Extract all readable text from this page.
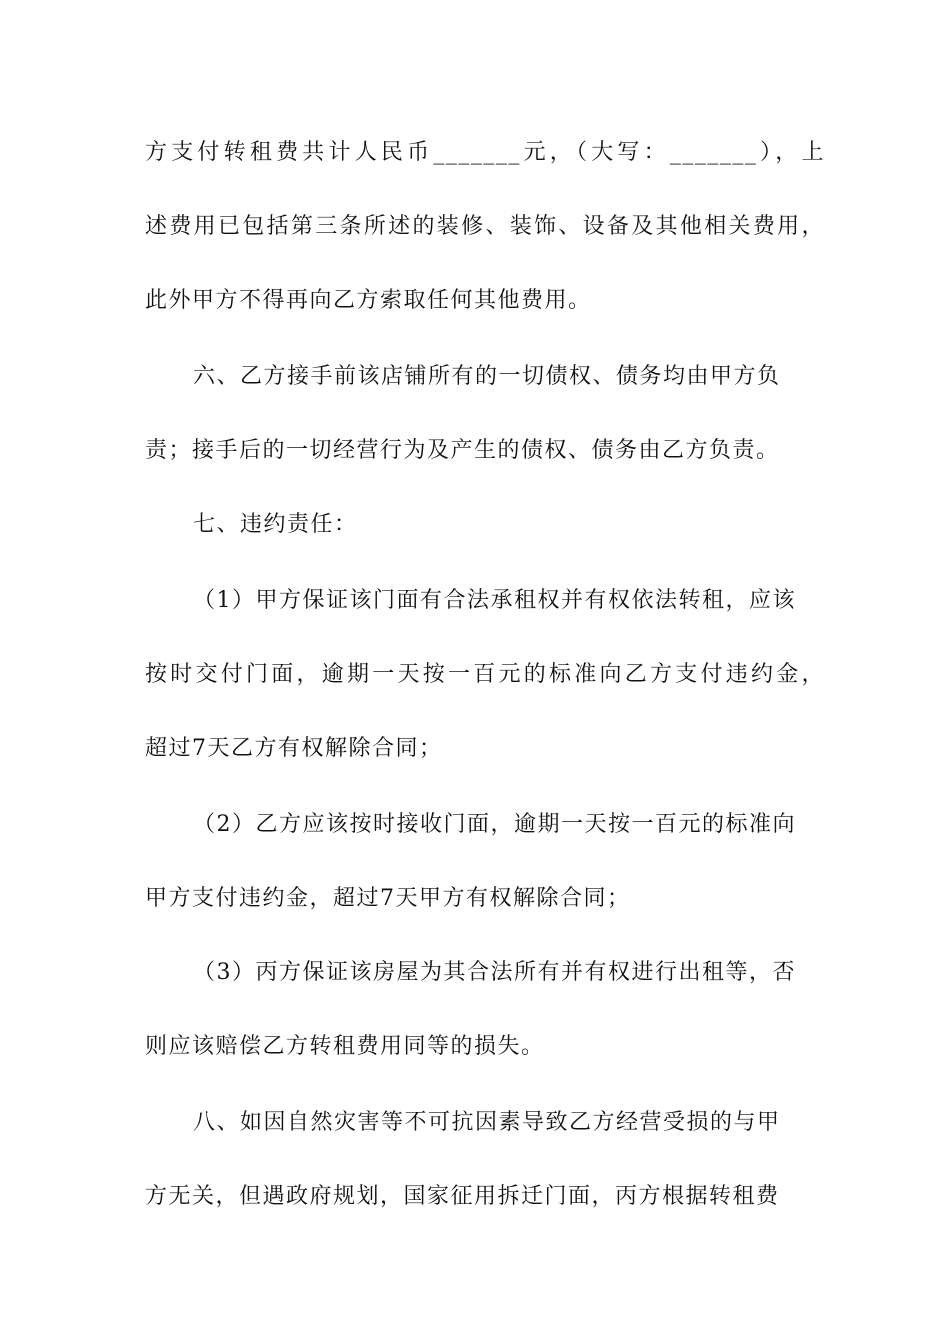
方支付转租费共计人民币_______元，（大写：_______），上
述费用已包括第三条所述的装修、装饰、设备及其他相关费用，
此外甲方不得再向乙方索取任何其他费用。
六、乙方接手前该店铺所有的一切债权、债务均由甲方负
责；接手后的一切经营行为及产生的债权、债务由乙方负责。
七、违约责任：
（1）甲方保证该门面有合法承租权并有权依法转租，应该
按时交付门面，逾期一天按一百元的标准向乙方支付违约金，
超过7天乙方有权解除合同；
（2）乙方应该按时接收门面，逾期一天按一百元的标准向
甲方支付违约金，超过7天甲方有权解除合同；
（3）丙方保证该房屋为其合法所有并有权进行出租等，否
则应该赔偿乙方转租费用同等的损失。
八、如因自然灾害等不可抗因素导致乙方经营受损的与甲
方无关，但遇政府规划，国家征用拆迁门面，丙方根据转租费
